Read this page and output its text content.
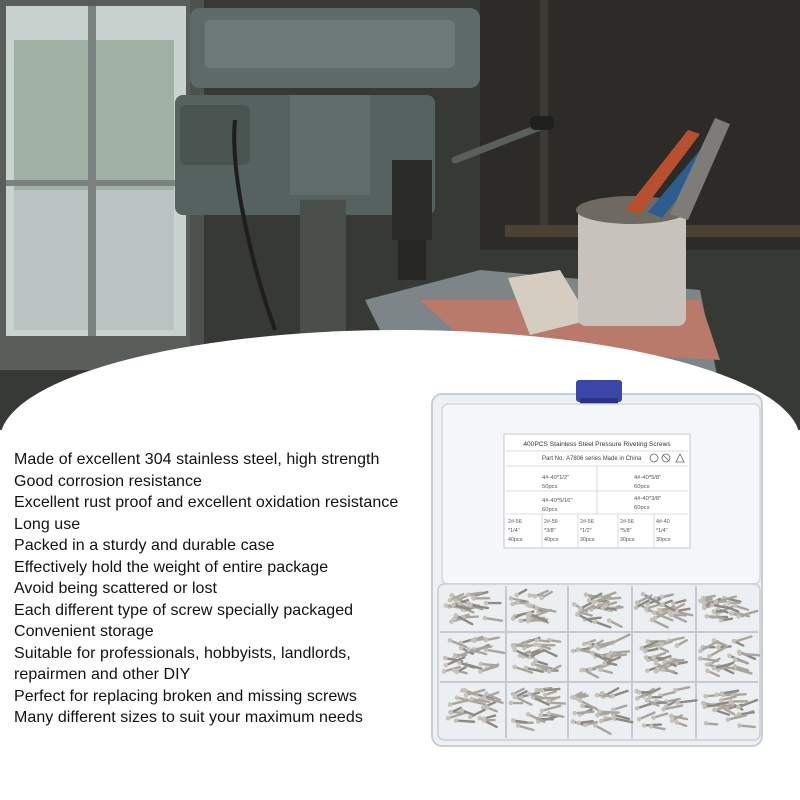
Made of excellent 304 stainless steel, high strength
Good corrosion resistance
Excellent rust proof and excellent oxidation resistance
Long use
Packed in a sturdy and durable case
Effectively hold the weight of entire package
Avoid being scattered or lost
Each different type of screw specially packaged
Convenient storage
Suitable for professionals, hobbyists, landlords,
repairmen and other DIY
Perfect for replacing broken and missing screws
Many different sizes to suit your maximum needs
400PCS Stainless Steel Pressure Riveting Screws
Part No. A7806 series Made in China
4#-40*1/2"
50pcs
4#-40*5/8"
60pcs
4#-40*5/16"
60pcs
4#-40*3/8"
60pcs
2#-56
*1/4"
40pcs
2#-56
*3/8"
40pcs
2#-56
*1/2"
30pcs
2#-56
*5/8"
30pcs
4#-40
*1/4"
30pcs
